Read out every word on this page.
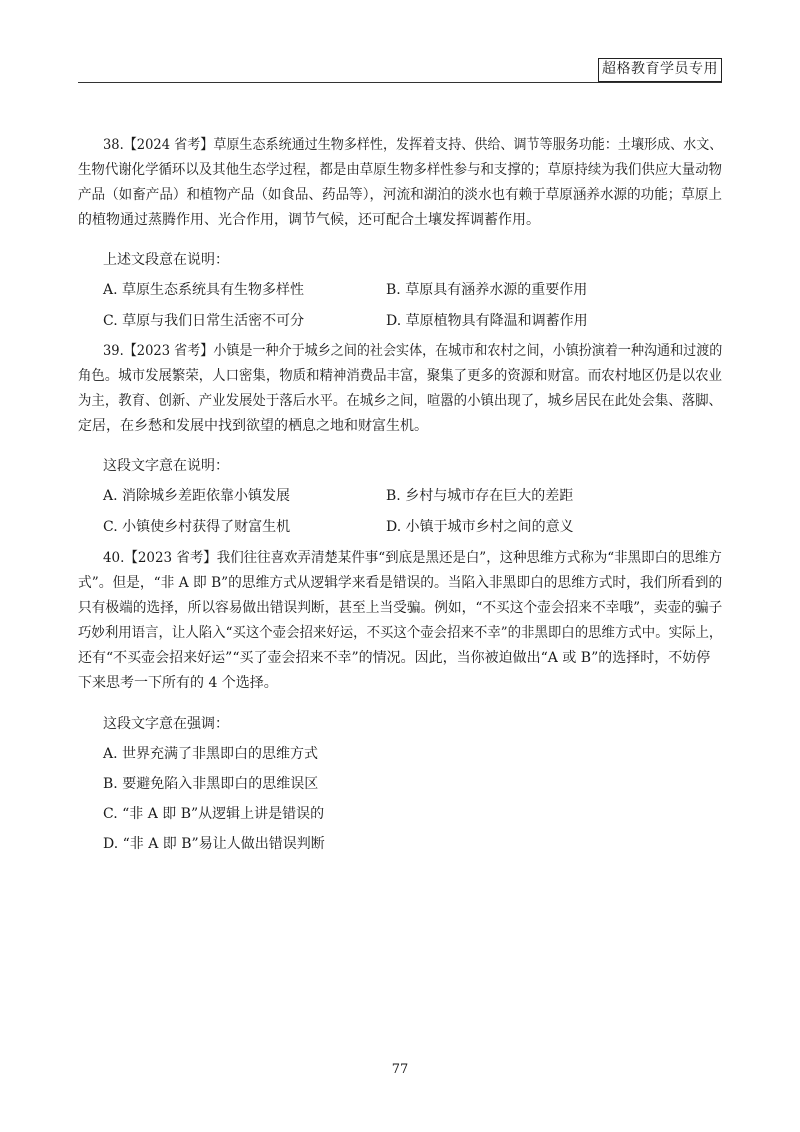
超格教育学员专用
38.【2024 省考】草原生态系统通过生物多样性，发挥着支持、供给、调节等服务功能：土壤形成、水文、
生物代谢化学循环以及其他生态学过程，都是由草原生物多样性参与和支撑的；草原持续为我们供应大量动物
产品（如畜产品）和植物产品（如食品、药品等），河流和湖泊的淡水也有赖于草原涵养水源的功能；草原上
的植物通过蒸腾作用、光合作用，调节气候，还可配合土壤发挥调蓄作用。
上述文段意在说明：
A. 草原生态系统具有生物多样性	B. 草原具有涵养水源的重要作用
C. 草原与我们日常生活密不可分	D. 草原植物具有降温和调蓄作用
39.【2023 省考】小镇是一种介于城乡之间的社会实体，在城市和农村之间，小镇扮演着一种沟通和过渡的
角色。城市发展繁荣，人口密集，物质和精神消费品丰富，聚集了更多的资源和财富。而农村地区仍是以农业
为主，教育、创新、产业发展处于落后水平。在城乡之间，喧嚣的小镇出现了，城乡居民在此处会集、落脚、
定居，在乡愁和发展中找到欲望的栖息之地和财富生机。
这段文字意在说明：
A. 消除城乡差距依靠小镇发展	B. 乡村与城市存在巨大的差距
C. 小镇使乡村获得了财富生机	D. 小镇于城市乡村之间的意义
40.【2023 省考】我们往往喜欢弄清楚某件事“到底是黑还是白”，这种思维方式称为“非黑即白的思维方
式”。但是，“非 A 即 B”的思维方式从逻辑学来看是错误的。当陷入非黑即白的思维方式时，我们所看到的
只有极端的选择，所以容易做出错误判断，甚至上当受骗。例如，“不买这个壶会招来不幸哦”，卖壶的骗子
巧妙利用语言，让人陷入“买这个壶会招来好运，不买这个壶会招来不幸”的非黑即白的思维方式中。实际上，
还有“不买壶会招来好运”“买了壶会招来不幸”的情况。因此，当你被迫做出“A 或 B”的选择时，不妨停
下来思考一下所有的 4 个选择。
这段文字意在强调：
A. 世界充满了非黑即白的思维方式
B. 要避免陷入非黑即白的思维误区
C. “非 A 即 B”从逻辑上讲是错误的
D. “非 A 即 B”易让人做出错误判断
77
